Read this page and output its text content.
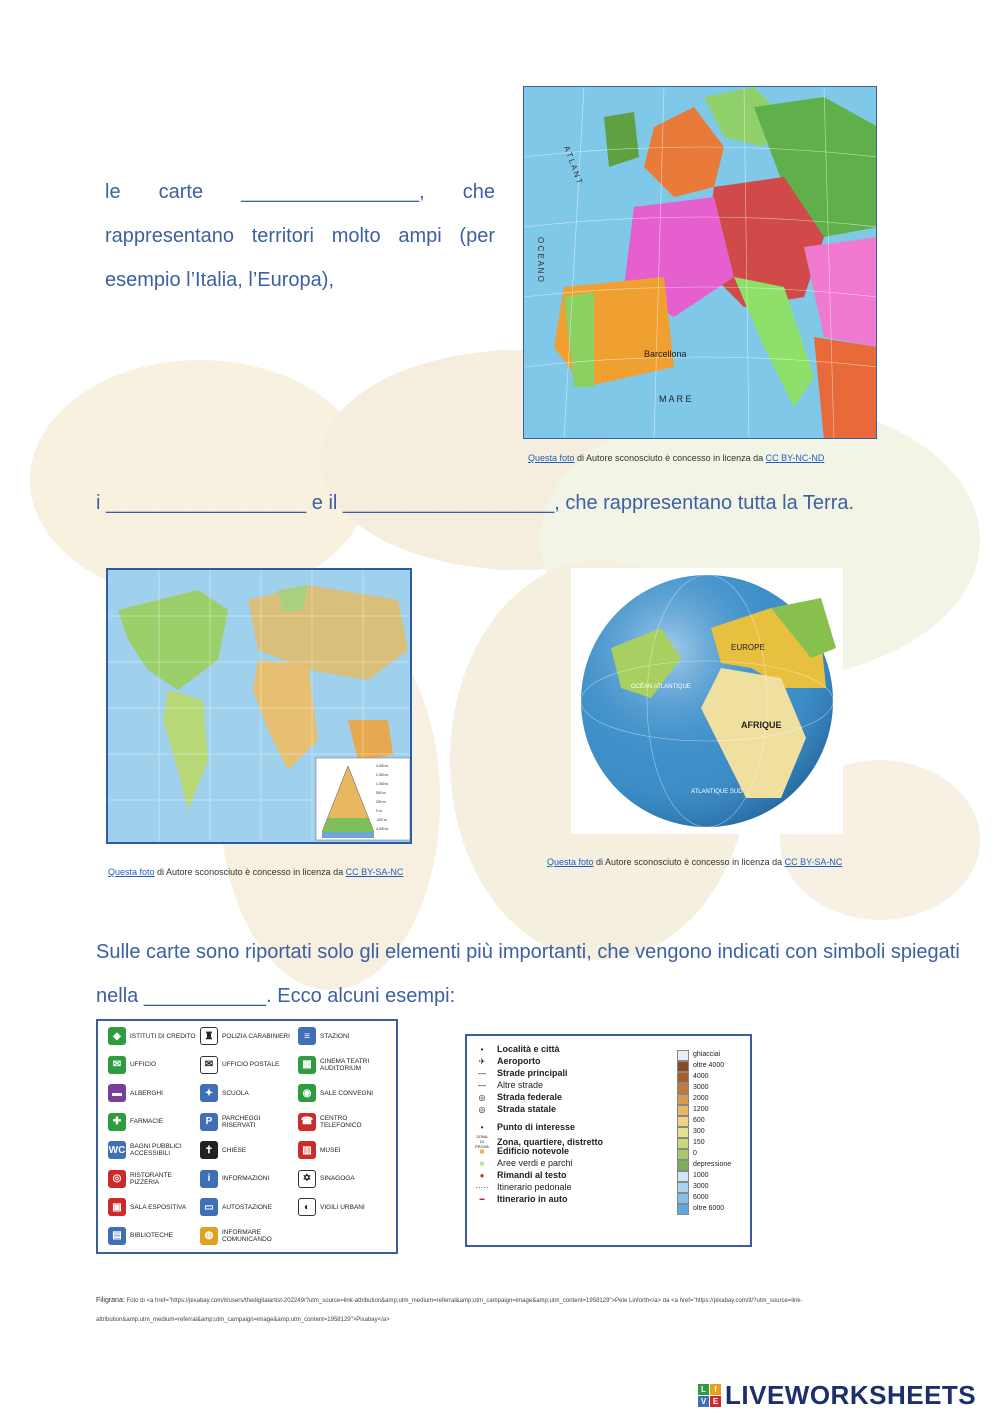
le carte ________________, che rappresentano territori molto ampi (per esempio l’Italia, l’Europa),
Barcellona
M A R E
O C E A N O
A T L A N T
Questa foto di Autore sconosciuto è concesso in licenza da CC BY-NC-ND
i __________________ e il ___________________, che rappresentano tutta la Terra.
4.000 m.
2.000 m.
1.000 m.
500 m.
200 m.
0 m.
-200 m.
4.000 m.
Questa foto di Autore sconosciuto è concesso in licenza da CC BY-SA-NC
EUROPE
AFRIQUE
OCÉAN ATLANTIQUE
ATLANTIQUE SUD
Questa foto di Autore sconosciuto è concesso in licenza da CC BY-SA-NC
Sulle carte sono riportati solo gli elementi più importanti, che vengono indicati con simboli spiegati nella ___________. Ecco alcuni esempi:
◆	ISTITUTI DI CREDITO ♜	POLIZIA CARABINIERI	≡	STAZIONI
✉	UFFICIO	✉	UFFICIO POSTALE	▦	CINEMA TEATRI AUDITORIUM
▬	ALBERGHI	✦	SCUOLA	◉	SALE CONVEGNI
✚	FARMACIE	P	PARCHEGGI RISERVATI	☎	CENTRO TELEFONICO
WC BAGNI PUBBLICI ACCESSIBILI	✝	CHIESE	▥	MUSEI
◎	RISTORANTE PIZZERIA	i	INFORMAZIONI	✡	SINAGOGA
▣	SALA ESPOSITIVA	▭	AUTOSTAZIONE	◐	VIGILI URBANI
▤	BIBLIOTECHE	◍	INFORMARE COMUNICANDO
•	Località e città
✈	Aeroporto
—	Strade principali
—	Altre strade
◎	Strada federale
◎	Strada statale
•	Punto di interesse
ZONA DI PROVA Zona, quartiere, distretto
■	Edificio notevole
■	Aree verdi e parchi
●	Rimandi al testo
····· Itinerario pedonale
━	Itinerario in auto
ghiacciai
oltre 4000
4000
3000
2000
1200
600
300
150
0
depressione
1000
3000
6000
oltre 6000
Filigrana: Foto di <a href="https://pixabay.com/it/users/thedigitalartist-202249/?utm_source=link-attribution&amp;utm_medium=referral&amp;utm_campaign=image&amp;utm_content=1958129">Pete Linforth</a> da <a href="https://pixabay.com/it/?utm_source=link-
attribution&amp;utm_medium=referral&amp;utm_campaign=image&amp;utm_content=1958129">Pixabay</a>
L	I
V E LIVEWORKSHEETS
